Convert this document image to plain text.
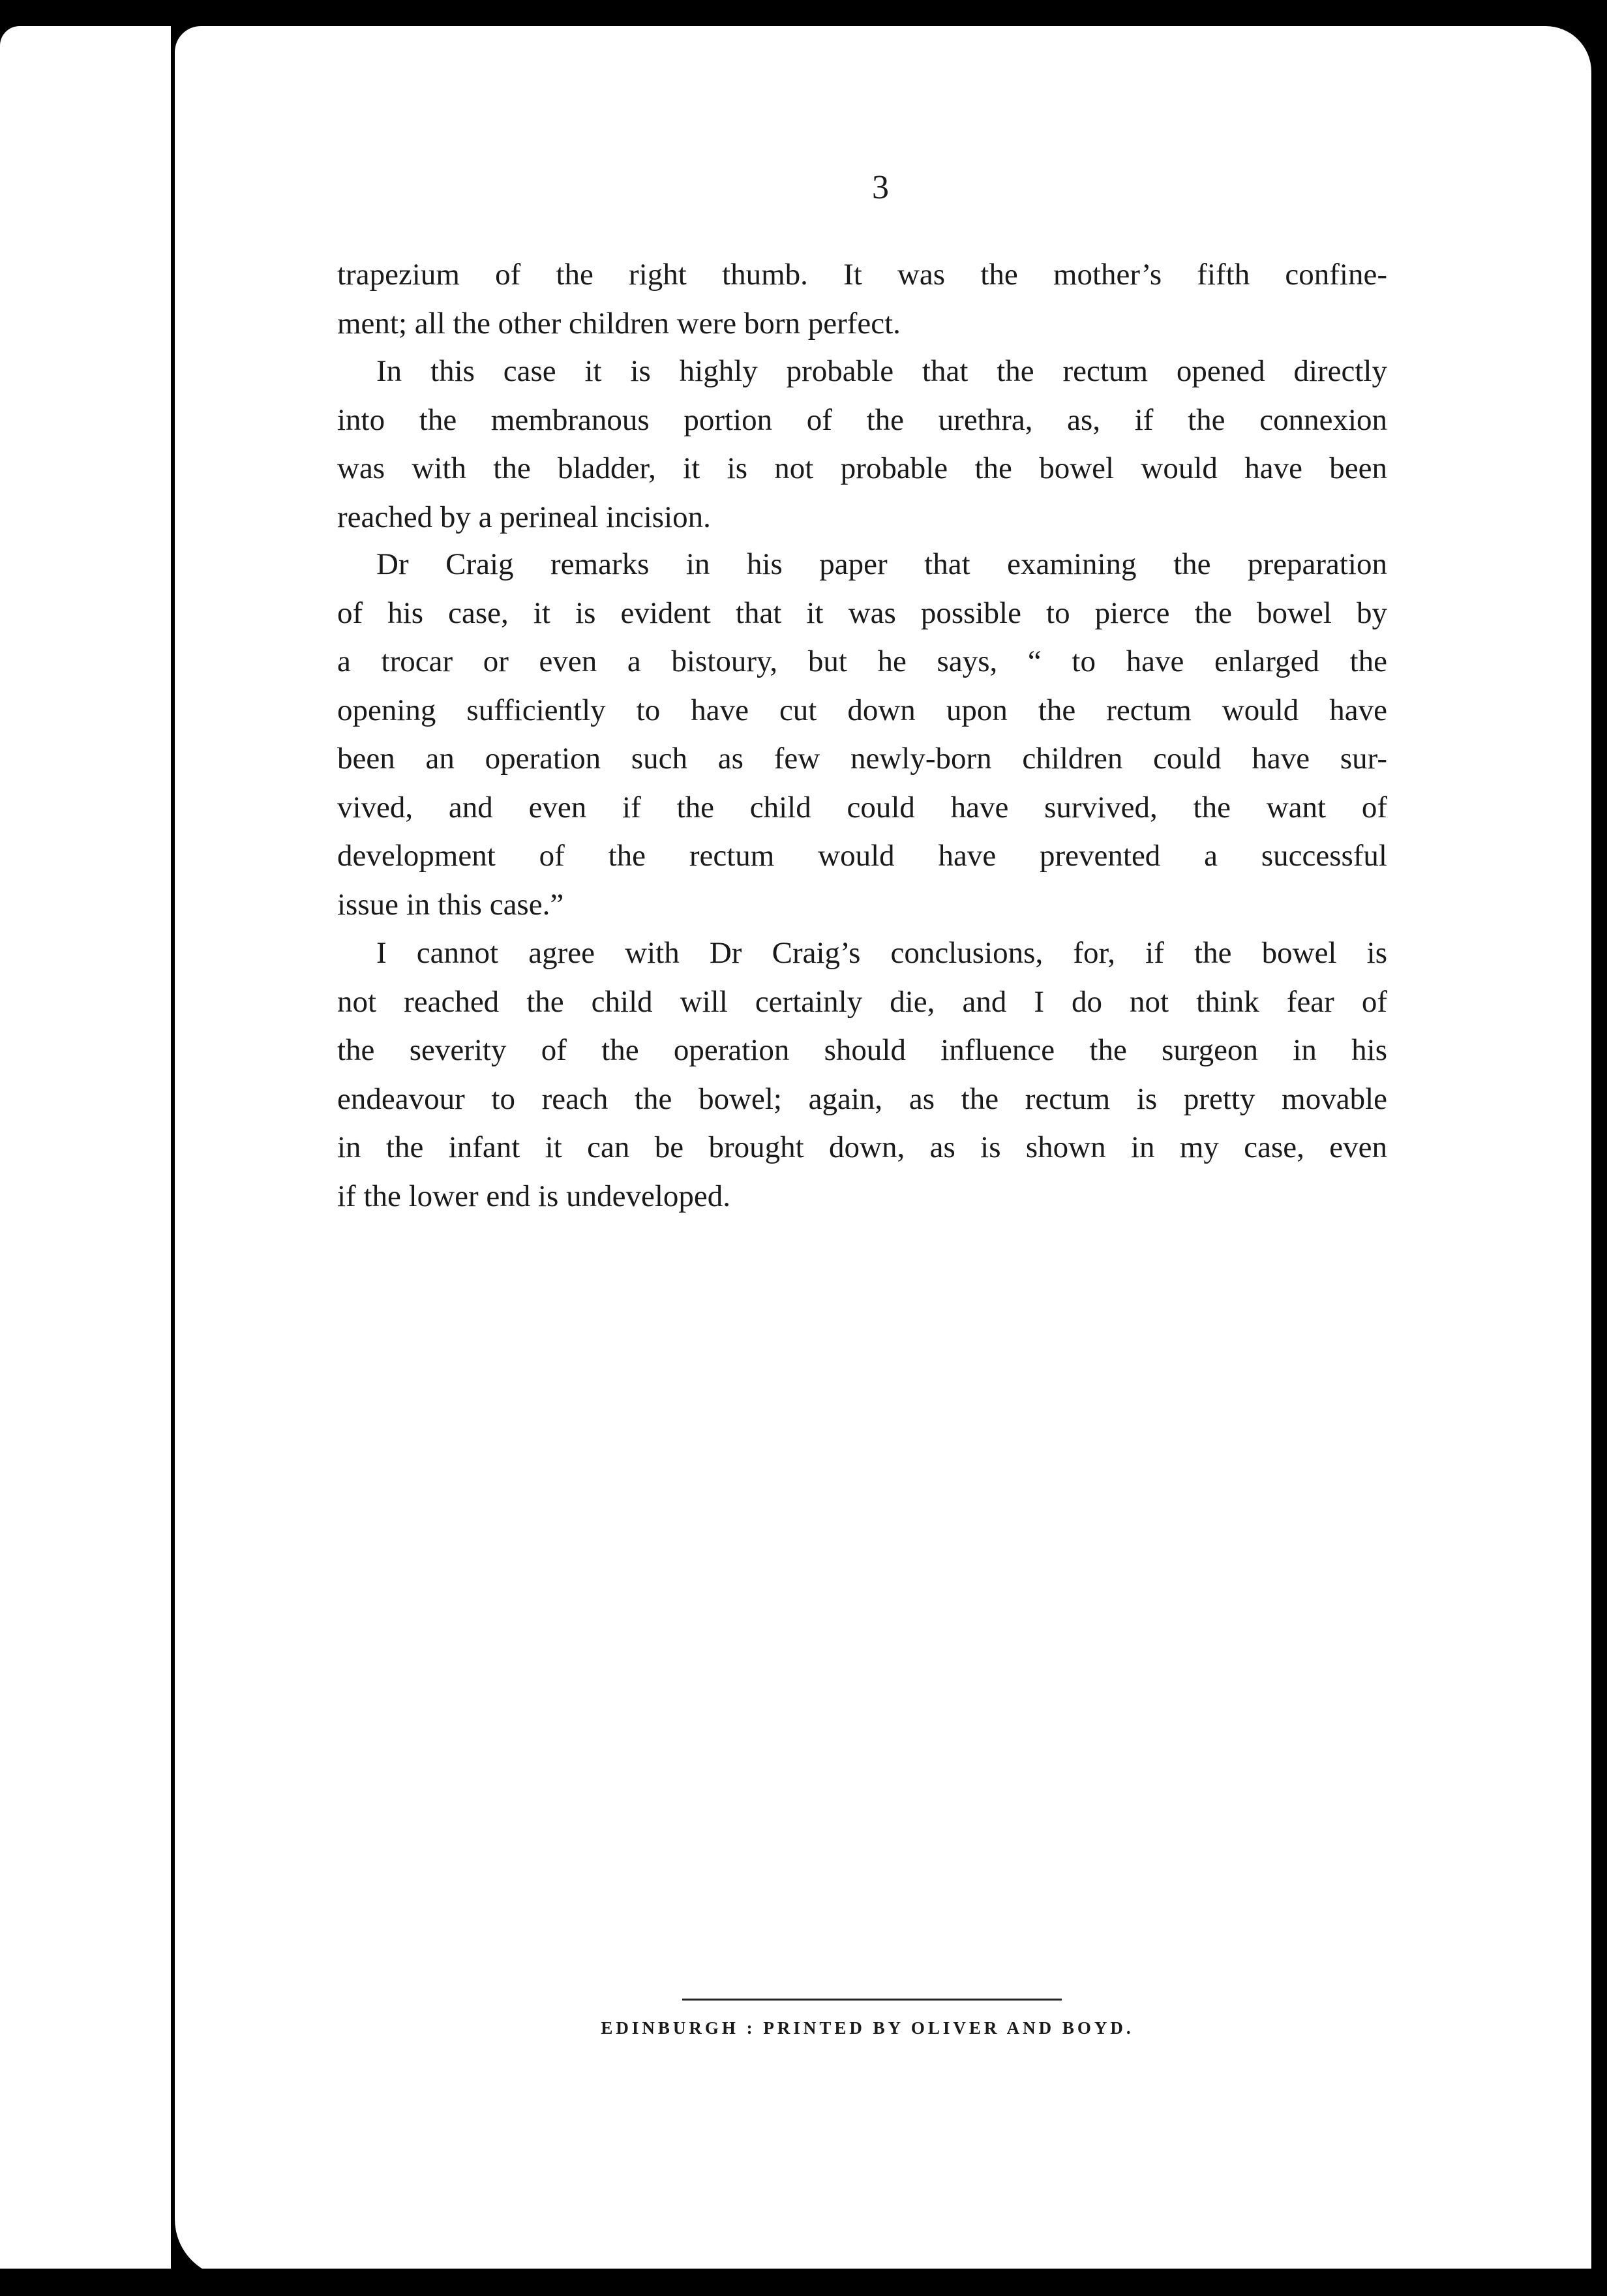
3
trapezium of the right thumb. It was the mother’s fifth confine-
ment; all the other children were born perfect.
In this case it is highly probable that the rectum opened directly
into the membranous portion of the urethra, as, if the connexion
was with the bladder, it is not probable the bowel would have been
reached by a perineal incision.
Dr Craig remarks in his paper that examining the preparation
of his case, it is evident that it was possible to pierce the bowel by
a trocar or even a bistoury, but he says, “ to have enlarged the
opening sufficiently to have cut down upon the rectum would have
been an operation such as few newly-born children could have sur-
vived, and even if the child could have survived, the want of
development of the rectum would have prevented a successful
issue in this case.”
I cannot agree with Dr Craig’s conclusions, for, if the bowel is
not reached the child will certainly die, and I do not think fear of
the severity of the operation should influence the surgeon in his
endeavour to reach the bowel; again, as the rectum is pretty movable
in the infant it can be brought down, as is shown in my case, even
if the lower end is undeveloped.
EDINBURGH : PRINTED BY OLIVER AND BOYD.
